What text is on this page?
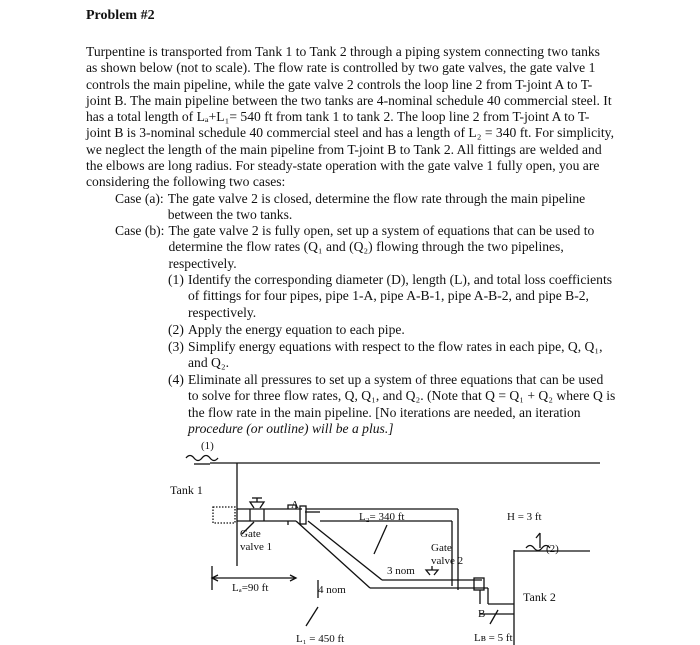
Problem #2
Turpentine is transported from Tank 1 to Tank 2 through a piping system connecting two tanks
as shown below (not to scale). The flow rate is controlled by two gate valves, the gate valve 1
controls the main pipeline, while the gate valve 2 controls the loop line 2 from T-joint A to T-
joint B. The main pipeline between the two tanks are 4-nominal schedule 40 commercial steel. It
has a total length of Lₐ+L₁= 540 ft from tank 1 to tank 2. The loop line 2 from T-joint A to T-
joint B is 3-nominal schedule 40 commercial steel and has a length of L₂ = 340 ft. For simplicity,
we neglect the length of the main pipeline from T-joint B to Tank 2. All fittings are welded and
the elbows are long radius. For steady-state operation with the gate valve 1 fully open, you are
considering the following two cases:
Case (a): The gate valve 2 is closed, determine the flow rate through the main pipeline
between the two tanks.
Case (b): The gate valve 2 is fully open, set up a system of equations that can be used to
determine the flow rates (Q₁ and (Q₂) flowing through the two pipelines,
respectively.
(1) Identify the corresponding diameter (D), length (L), and total loss coefficients
of fittings for four pipes, pipe 1-A, pipe A-B-1, pipe A-B-2, and pipe B-2,
respectively.
(2) Apply the energy equation to each pipe.
(3) Simplify energy equations with respect to the flow rates in each pipe, Q, Q₁,
and Q₂.
(4) Eliminate all pressures to set up a system of three equations that can be used
to solve for three flow rates, Q, Q₁, and Q₂. (Note that Q = Q₁ + Q₂ where Q is
the flow rate in the main pipeline. [No iterations are needed, an iteration
procedure (or outline) will be a plus.]
(1)
Tank 1
A
L₂= 340 ft	H = 3 ft
Gate
valve 1	Gate
valve 2
3 nom
(2)
Lₐ=90 ft	4 nom	Tank 2
B
L₁ = 450 ft	Lʙ = 5 ft
